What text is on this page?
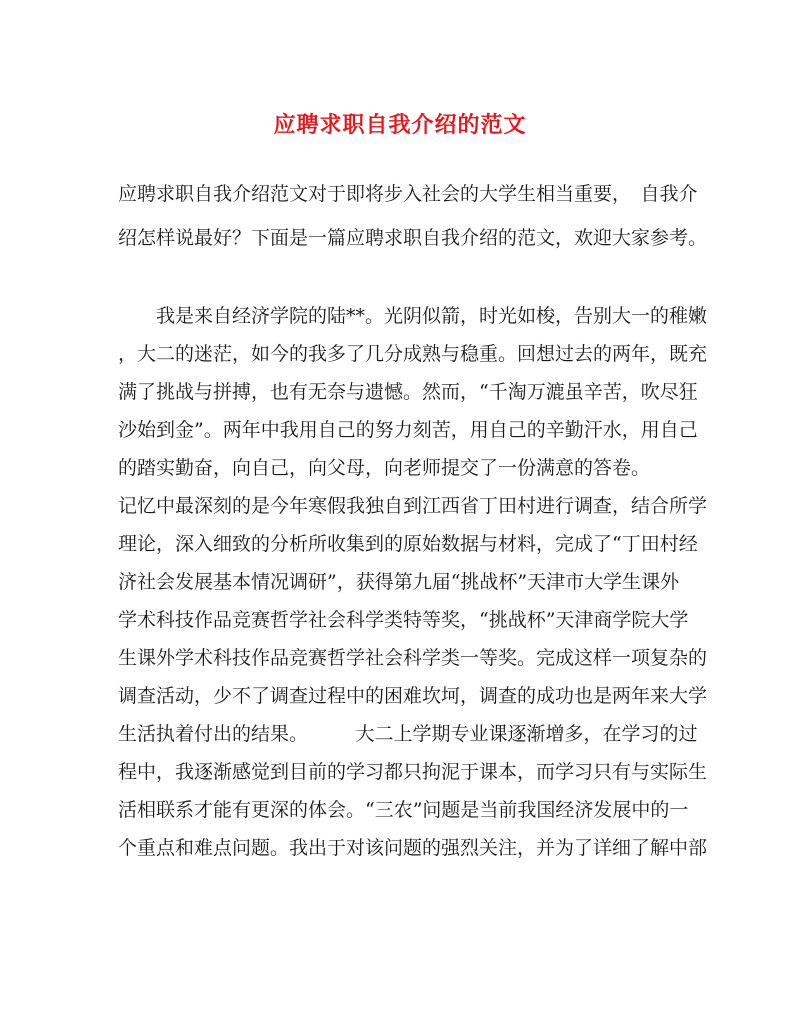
应聘求职自我介绍的范文
应聘求职自我介绍范文对于即将步入社会的大学生相当重要，　自我介
绍怎样说最好？下面是一篇应聘求职自我介绍的范文，欢迎大家参考。
　　我是来自经济学院的陆**。光阴似箭，时光如梭，告别大一的稚嫩
，大二的迷茫，如今的我多了几分成熟与稳重。回想过去的两年，既充
满了挑战与拼搏，也有无奈与遗憾。然而，“千淘万漉虽辛苦，吹尽狂
沙始到金”。两年中我用自己的努力刻苦，用自己的辛勤汗水，用自己
的踏实勤奋，向自己，向父母，向老师提交了一份满意的答卷。
记忆中最深刻的是今年寒假我独自到江西省丁田村进行调查，结合所学
理论，深入细致的分析所收集到的原始数据与材料，完成了“丁田村经
济社会发展基本情况调研”，获得第九届“挑战杯”天津市大学生课外
学术科技作品竞赛哲学社会科学类特等奖，“挑战杯”天津商学院大学
生课外学术科技作品竞赛哲学社会科学类一等奖。完成这样一项复杂的
调查活动，少不了调查过程中的困难坎坷，调查的成功也是两年来大学
生活执着付出的结果。　　　大二上学期专业课逐渐增多，在学习的过
程中，我逐渐感觉到目前的学习都只拘泥于课本，而学习只有与实际生
活相联系才能有更深的体会。“三农”问题是当前我国经济发展中的一
个重点和难点问题。我出于对该问题的强烈关注，并为了详细了解中部
